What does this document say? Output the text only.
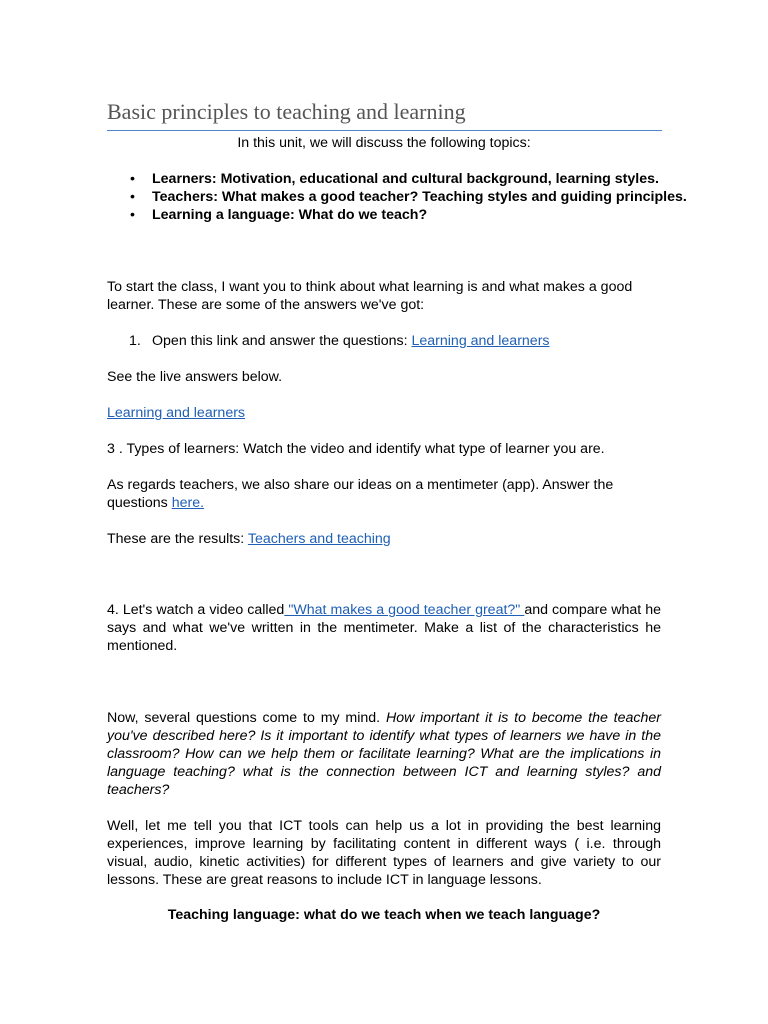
Basic principles to teaching and learning

In this unit, we will discuss the following topics:

• Learners: Motivation, educational and cultural background, learning styles.
• Teachers: What makes a good teacher? Teaching styles and guiding principles.
• Learning a language: What do we teach?

To start the class, I want you to think about what learning is and what makes a good learner. These are some of the answers we've got:

1. Open this link and answer the questions: Learning and learners

See the live answers below.

Learning and learners

3 . Types of learners: Watch the video and identify what type of learner you are.

As regards teachers, we also share our ideas on a mentimeter (app). Answer the questions here.

These are the results: Teachers and teaching

4. Let's watch a video called "What makes a good teacher great?" and compare what he says and what we've written in the mentimeter. Make a list of the characteristics he mentioned.

Now, several questions come to my mind. How important it is to become the teacher you've described here? Is it important to identify what types of learners we have in the classroom? How can we help them or facilitate learning? What are the implications in language teaching? what is the connection between ICT and learning styles? and teachers?

Well, let me tell you that ICT tools can help us a lot in providing the best learning experiences, improve learning by facilitating content in different ways ( i.e. through visual, audio, kinetic activities) for different types of learners and give variety to our lessons. These are great reasons to include ICT in language lessons.

Teaching language: what do we teach when we teach language?
